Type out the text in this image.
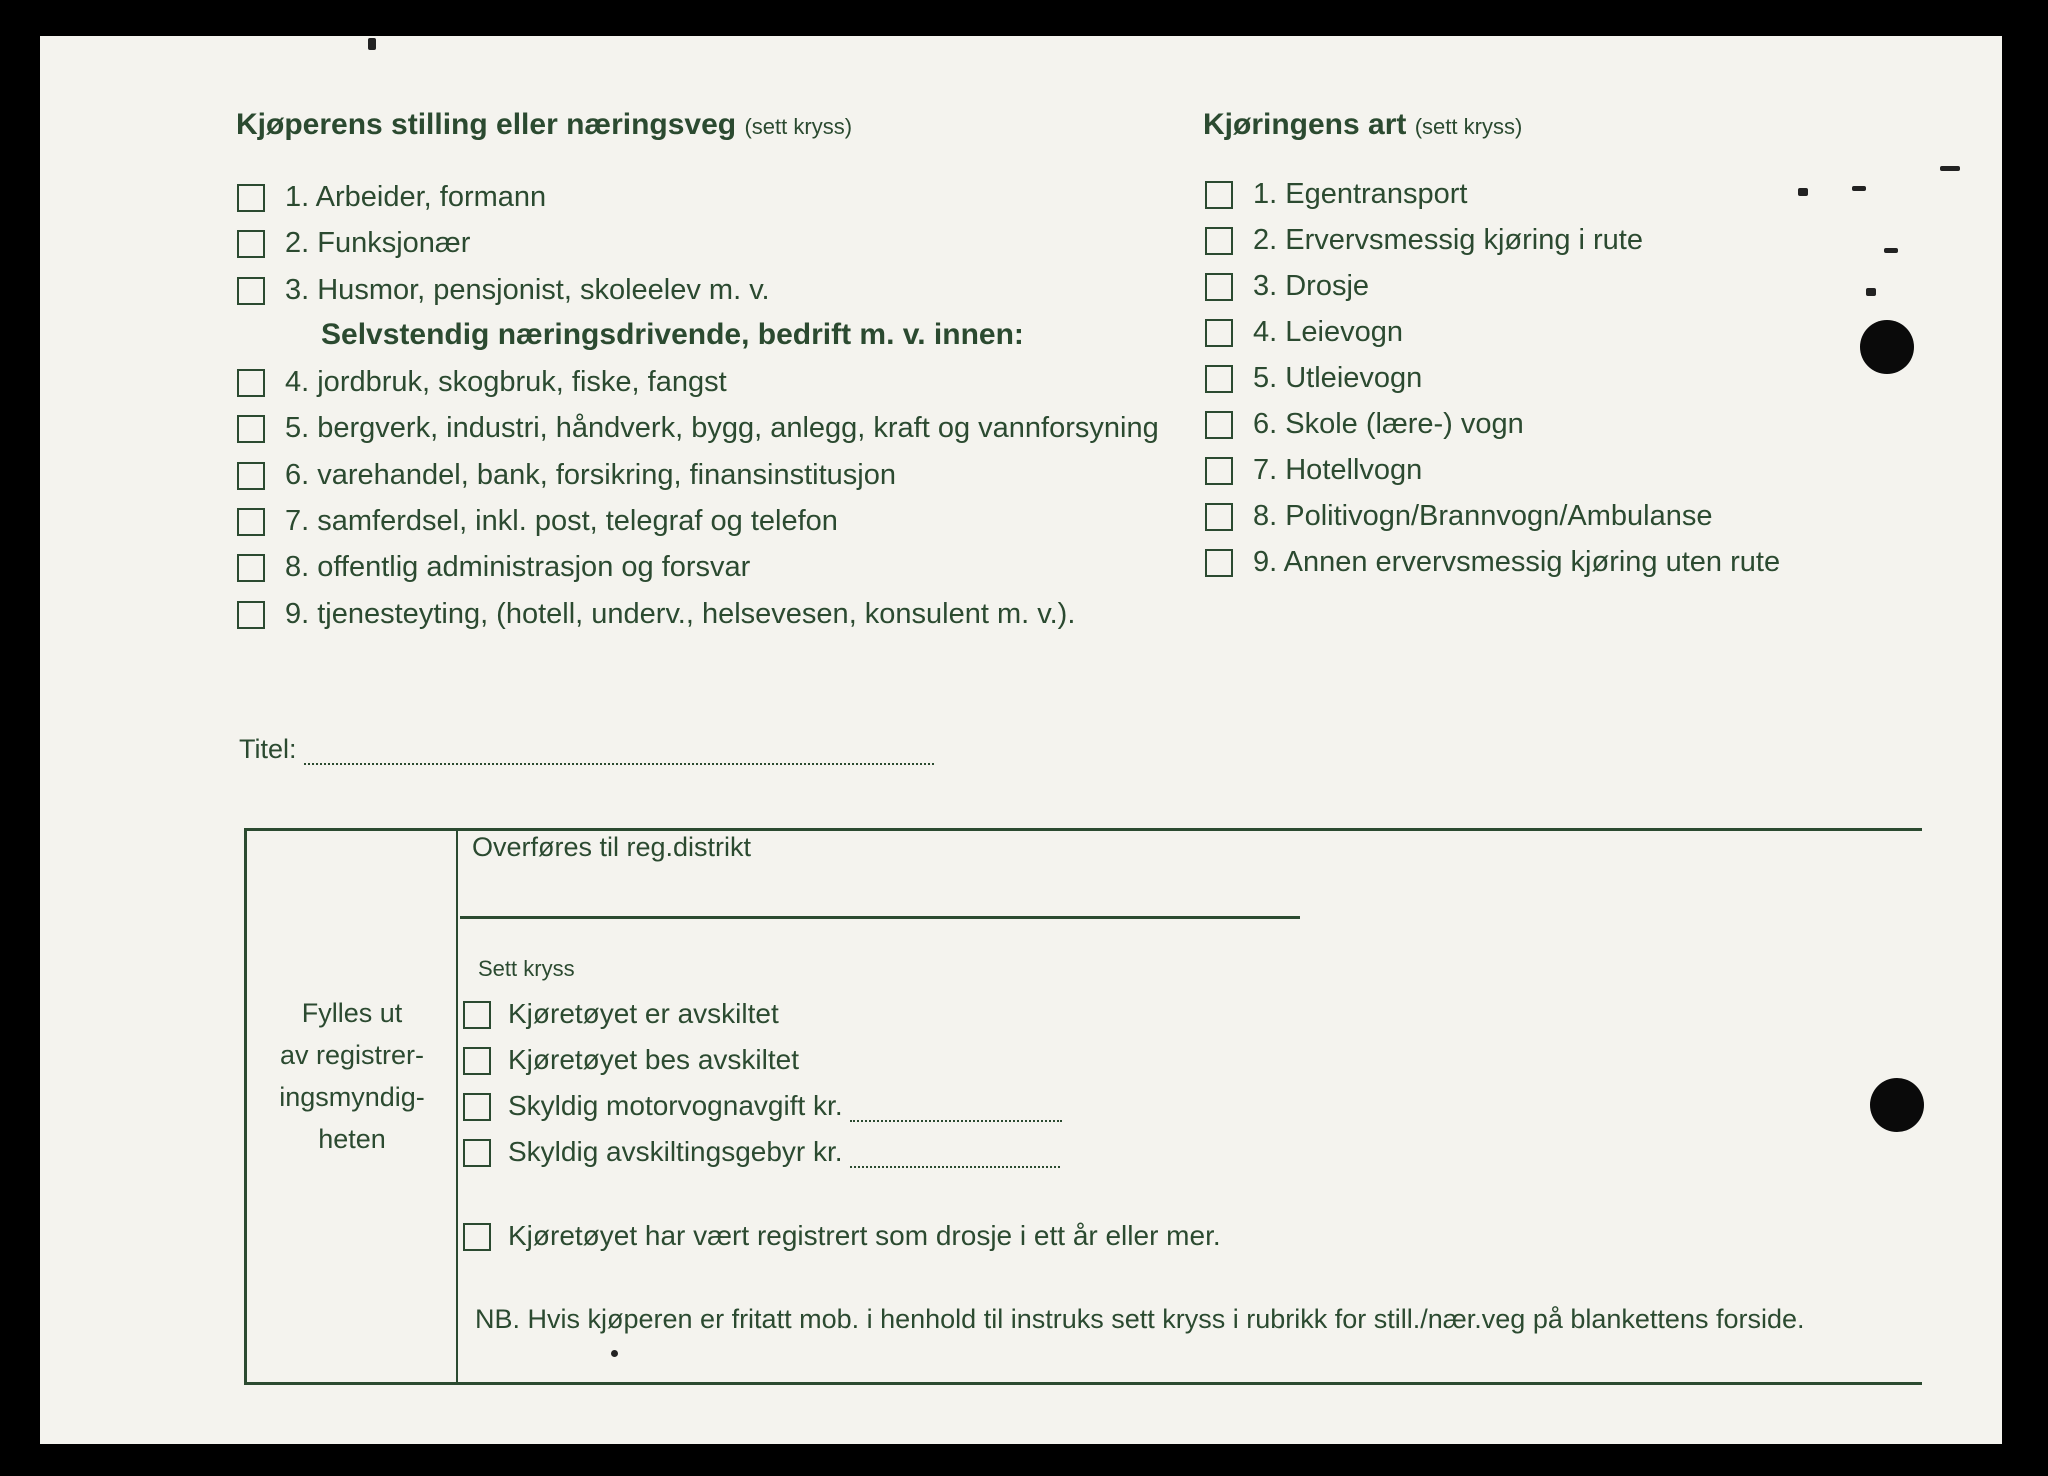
Kjøperens stilling eller næringsveg (sett kryss)
1. Arbeider, formann
2. Funksjonær
3. Husmor, pensjonist, skoleelev m. v.
Selvstendig næringsdrivende, bedrift m. v. innen:
4. jordbruk, skogbruk, fiske, fangst
5. bergverk, industri, håndverk, bygg, anlegg, kraft og vannforsyning
6. varehandel, bank, forsikring, finansinstitusjon
7. samferdsel, inkl. post, telegraf og telefon
8. offentlig administrasjon og forsvar
9. tjenesteyting, (hotell, underv., helsevesen, konsulent m. v.).
Kjøringens art (sett kryss)
1. Egentransport
2. Ervervsmessig kjøring i rute
3. Drosje
4. Leievogn
5. Utleievogn
6. Skole (lære-) vogn
7. Hotellvogn
8. Politivogn/Brannvogn/Ambulanse
9. Annen ervervsmessig kjøring uten rute
Titel:
Fylles ut
av registrer-
ingsmyndig-
heten
Overføres til reg.distrikt
Sett kryss
Kjøretøyet er avskiltet
Kjøretøyet bes avskiltet
Skyldig motorvognavgift kr.
Skyldig avskiltingsgebyr kr.
Kjøretøyet har vært registrert som drosje i ett år eller mer.
NB. Hvis kjøperen er fritatt mob. i henhold til instruks sett kryss i rubrikk for still./nær.veg på blankettens forside.
